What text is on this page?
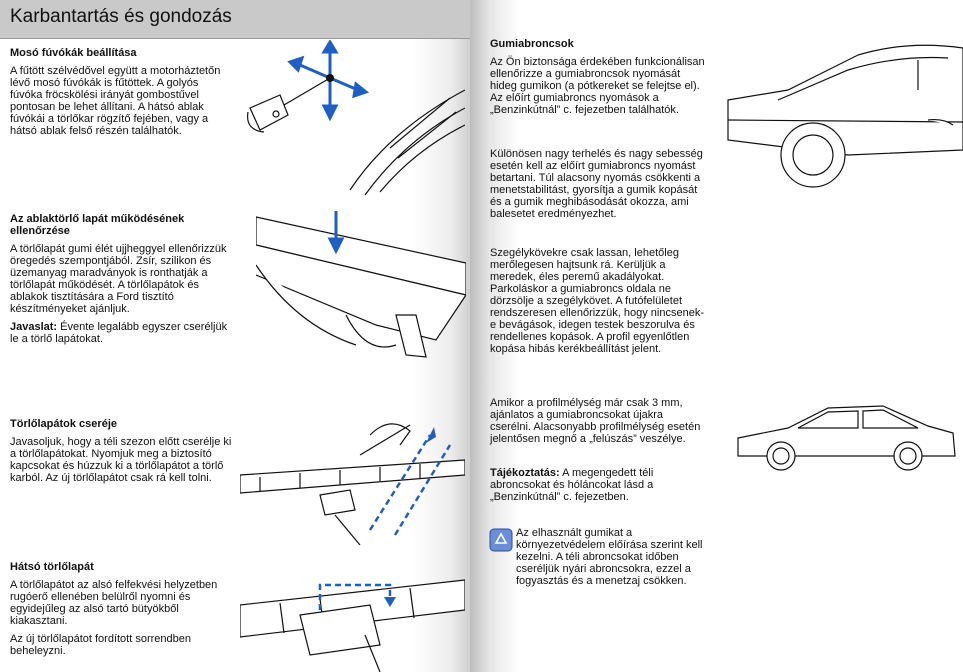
Karbantartás és gondozás
Mosó fúvókák beállítása

A fűtött szélvédővel együtt a motorháztetőn lévő mosó fúvókák is fűtöttek. A golyós fúvóka fröcskölési irányát gombostűvel pontosan be lehet állítani. A hátsó ablak fúvókái a törlőkar rögzítő fejében, vagy a hátsó ablak felső részén találhatók.

Az ablaktörlő lapát működésének ellenőrzése

A törlőlapát gumi élét ujjheggyel ellenőrizzük öregedés szempontjából. Zsír, szilikon és üzemanyag maradványok is ronthatják a törlőlapát működését. A törlőlapátok és ablakok tisztítására a Ford tisztító készítményeket ajánljuk.

Javaslat: Évente legalább egyszer cseréljük le a törlő lapátokat.

Törlőlapátok cseréje

Javasoljuk, hogy a téli szezon előtt cserélje ki a törlőlapátokat. Nyomjuk meg a biztosító kapcsokat és húzzuk ki a törlőlapátot a törlő karból. Az új törlőlapátot csak rá kell tolni.

Hátsó törlőlapát

A törlőlapátot az alsó felfekvési helyzetben rugóerő ellenében belülről nyomni és egyidejűleg az alsó tartó bütyökből kiakasztani.

Az új törlőlapátot fordított sorrendben beheleyzni.

Gumiabroncsok

Az Ön biztonsága érdekében funkcionálisan ellenőrizze a gumiabroncsok nyomását hideg gumikon (a pótkereket se felejtse el). Az előírt gumiabroncs nyomások a „Benzinkútnál” c. fejezetben találhatók.

Különösen nagy terhelés és nagy sebesség esetén kell az előírt gumiabroncs nyomást betartani. Túl alacsony nyomás csökkenti a menetstabilitást, gyorsítja a gumik kopását és a gumik meghibásodását okozza, ami balesetet eredményezhet.

Szegélykövekre csak lassan, lehetőleg merőlegesen hajtsunk rá. Kerüljük a meredek, éles peremű akadályokat. Parkoláskor a gumiabroncs oldala ne dörzsölje a szegélykövet. A futófelületet rendszeresen ellenőrizzük, hogy nincsenek-e bevágások, idegen testek beszorulva és rendellenes kopások. A profil egyenlőtlen kopása hibás kerékbeállítást jelent.

Amikor a profilmélység már csak 3 mm, ajánlatos a gumiabroncsokat újakra cserélni. Alacsonyabb profilmélység esetén jelentősen megnő a „felúszás” veszélye.

Tájékoztatás: A megengedett téli abroncsokat és hóláncokat lásd a „Benzinkútnál” c. fejezetben.

Az elhasznált gumikat a környezetvédelem előírása szerint kell kezelni. A téli abroncsokat időben cseréljük nyári abroncsokra, ezzel a fogyasztás és a menetzaj csökken.
